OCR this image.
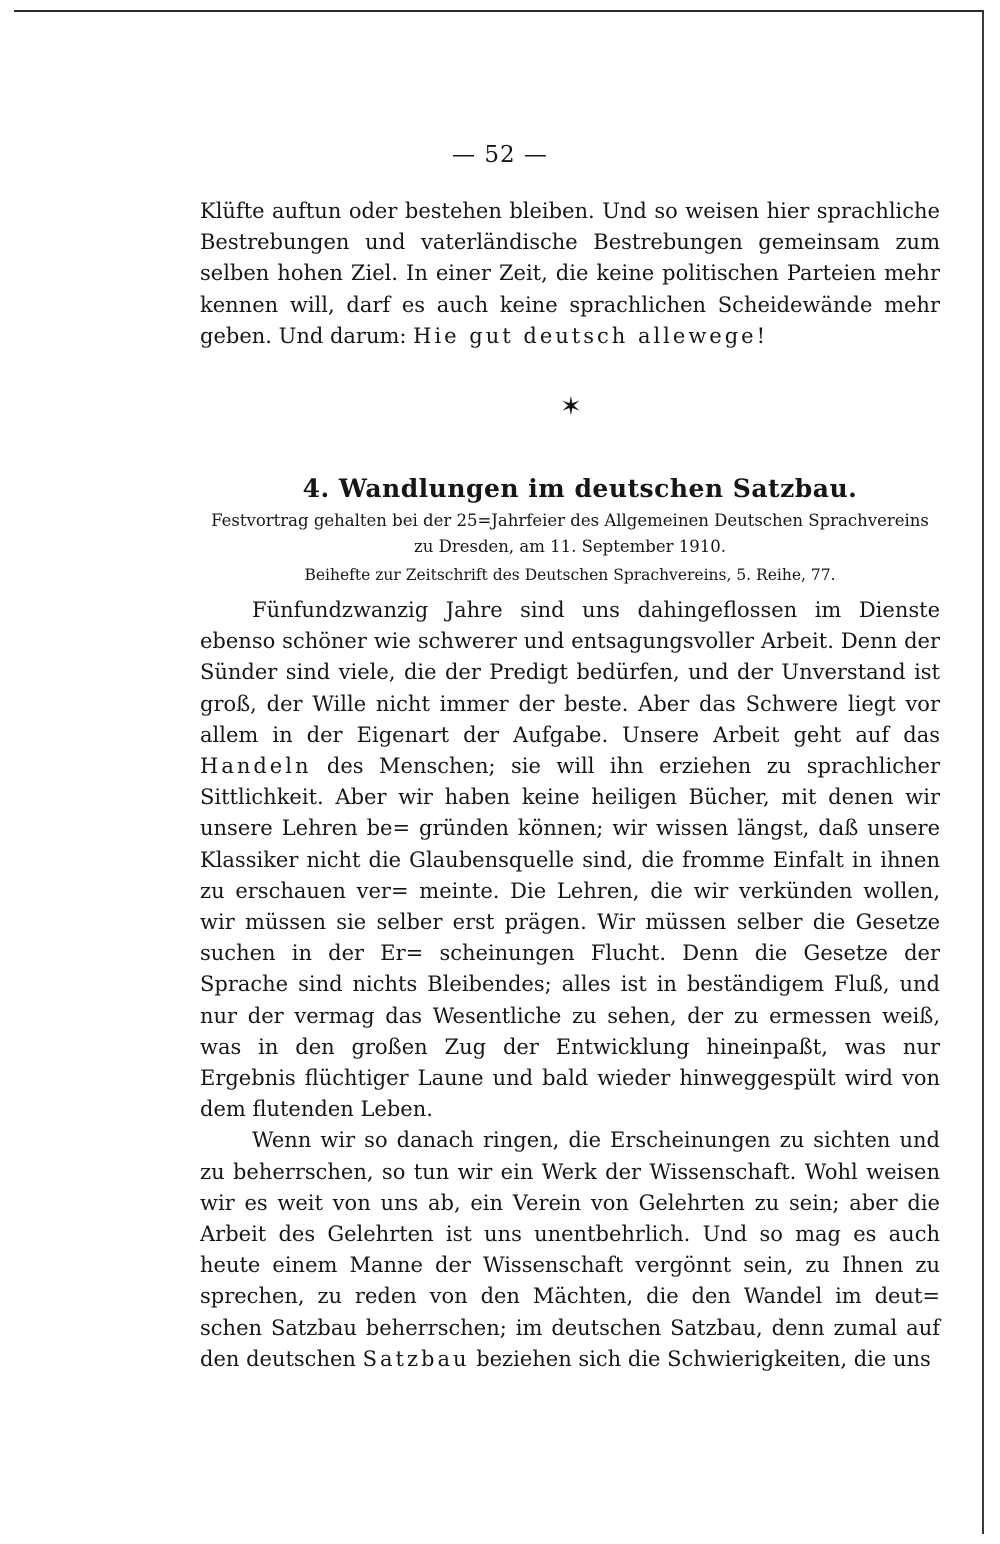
— 52 —

Klüfte auftun oder bestehen bleiben. Und so weisen hier sprachliche Bestrebungen und vaterländische Bestrebungen gemeinsam zum selben hohen Ziel. In einer Zeit, die keine politischen Parteien mehr kennen will, darf es auch keine sprachlichen Scheidewände mehr geben. Und darum: Hie gut deutsch allewege!

✶
4. Wandlungen im deutschen Satzbau.
Festvortrag gehalten bei der 25=Jahrfeier des Allgemeinen Deutschen Sprachvereins zu Dresden, am 11. September 1910.
Beihefte zur Zeitschrift des Deutschen Sprachvereins, 5. Reihe, 77.

Fünfundzwanzig Jahre sind uns dahingeflossen im Dienste ebenso schöner wie schwerer und entsagungsvoller Arbeit. Denn der Sünder sind viele, die der Predigt bedürfen, und der Unverstand ist groß, der Wille nicht immer der beste. Aber das Schwere liegt vor allem in der Eigenart der Aufgabe. Unsere Arbeit geht auf das Handeln des Menschen; sie will ihn erziehen zu sprachlicher Sittlichkeit. Aber wir haben keine heiligen Bücher, mit denen wir unsere Lehren be= gründen können; wir wissen längst, daß unsere Klassiker nicht die Glaubensquelle sind, die fromme Einfalt in ihnen zu erschauen ver= meinte. Die Lehren, die wir verkünden wollen, wir müssen sie selber erst prägen. Wir müssen selber die Gesetze suchen in der Er= scheinungen Flucht. Denn die Gesetze der Sprache sind nichts Bleibendes; alles ist in beständigem Fluß, und nur der vermag das Wesentliche zu sehen, der zu ermessen weiß, was in den großen Zug der Entwicklung hineinpaßt, was nur Ergebnis flüchtiger Laune und bald wieder hinweggespült wird von dem flutenden Leben.

Wenn wir so danach ringen, die Erscheinungen zu sichten und zu beherrschen, so tun wir ein Werk der Wissenschaft. Wohl weisen wir es weit von uns ab, ein Verein von Gelehrten zu sein; aber die Arbeit des Gelehrten ist uns unentbehrlich. Und so mag es auch heute einem Manne der Wissenschaft vergönnt sein, zu Ihnen zu sprechen, zu reden von den Mächten, die den Wandel im deut= schen Satzbau beherrschen; im deutschen Satzbau, denn zumal auf den deutschen Satzbau beziehen sich die Schwierigkeiten, die uns
